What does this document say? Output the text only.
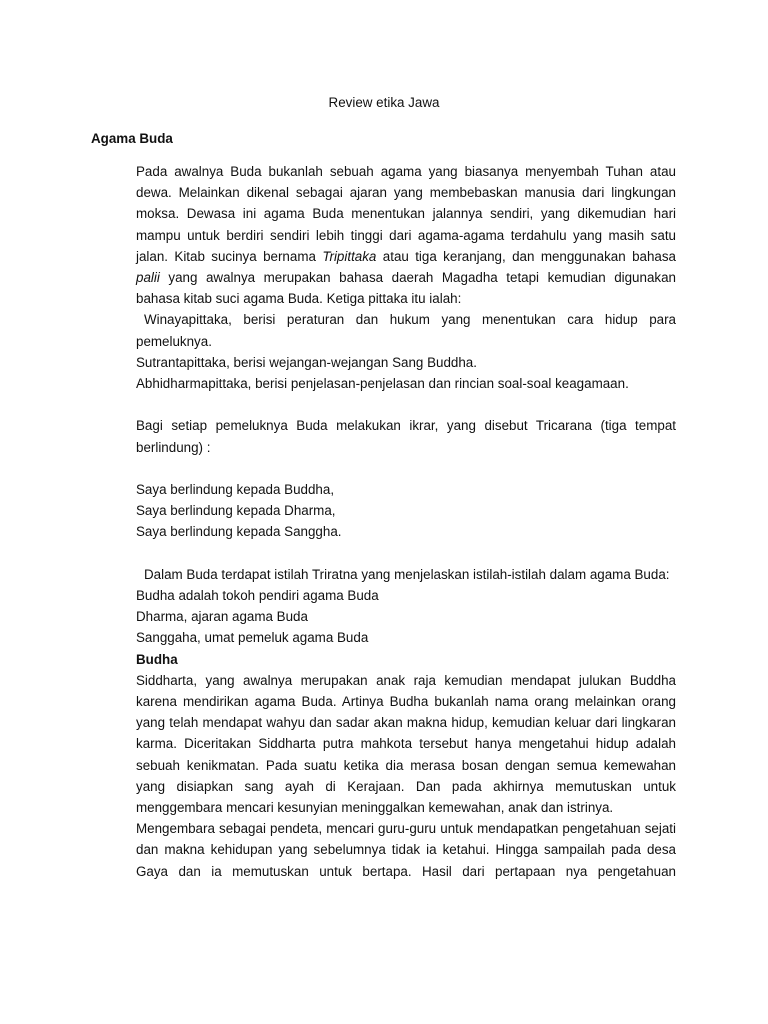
Review etika Jawa
Agama Buda

Pada awalnya Buda bukanlah sebuah agama yang biasanya menyembah Tuhan atau dewa. Melainkan dikenal sebagai ajaran yang membebaskan manusia dari lingkungan moksa. Dewasa ini agama Buda menentukan jalannya sendiri, yang dikemudian hari mampu untuk berdiri sendiri lebih tinggi dari agama-agama terdahulu yang masih satu jalan. Kitab sucinya bernama Tripittaka atau tiga keranjang, dan menggunakan bahasa palii yang awalnya merupakan bahasa daerah Magadha tetapi kemudian digunakan bahasa kitab suci agama Buda. Ketiga pittaka itu ialah:

Winayapittaka, berisi peraturan dan hukum yang menentukan cara hidup para pemeluknya.

Sutrantapittaka, berisi wejangan-wejangan Sang Buddha.

Abhidharmapittaka, berisi penjelasan-penjelasan dan rincian soal-soal keagamaan.

Bagi setiap pemeluknya Buda melakukan ikrar, yang disebut Tricarana (tiga tempat berlindung) :

Saya berlindung kepada Buddha,

Saya berlindung kepada Dharma,

Saya berlindung kepada Sanggha.

Dalam Buda terdapat istilah Triratna yang menjelaskan istilah-istilah dalam agama Buda:

Budha adalah tokoh pendiri agama Buda

Dharma, ajaran agama Buda

Sanggaha, umat pemeluk agama Buda

Budha

Siddharta, yang awalnya merupakan anak raja kemudian mendapat julukan Buddha karena mendirikan agama Buda. Artinya Budha bukanlah nama orang melainkan orang yang telah mendapat wahyu dan sadar akan makna hidup, kemudian keluar dari lingkaran karma. Diceritakan Siddharta putra mahkota tersebut hanya mengetahui hidup adalah sebuah kenikmatan. Pada suatu ketika dia merasa bosan dengan semua kemewahan yang disiapkan sang ayah di Kerajaan. Dan pada akhirnya memutuskan untuk menggembara mencari kesunyian meninggalkan kemewahan, anak dan istrinya.

Mengembara sebagai pendeta, mencari guru-guru untuk mendapatkan pengetahuan sejati dan makna kehidupan yang sebelumnya tidak ia ketahui. Hingga sampailah pada desa Gaya dan ia memutuskan untuk bertapa. Hasil dari pertapaan nya pengetahuan
